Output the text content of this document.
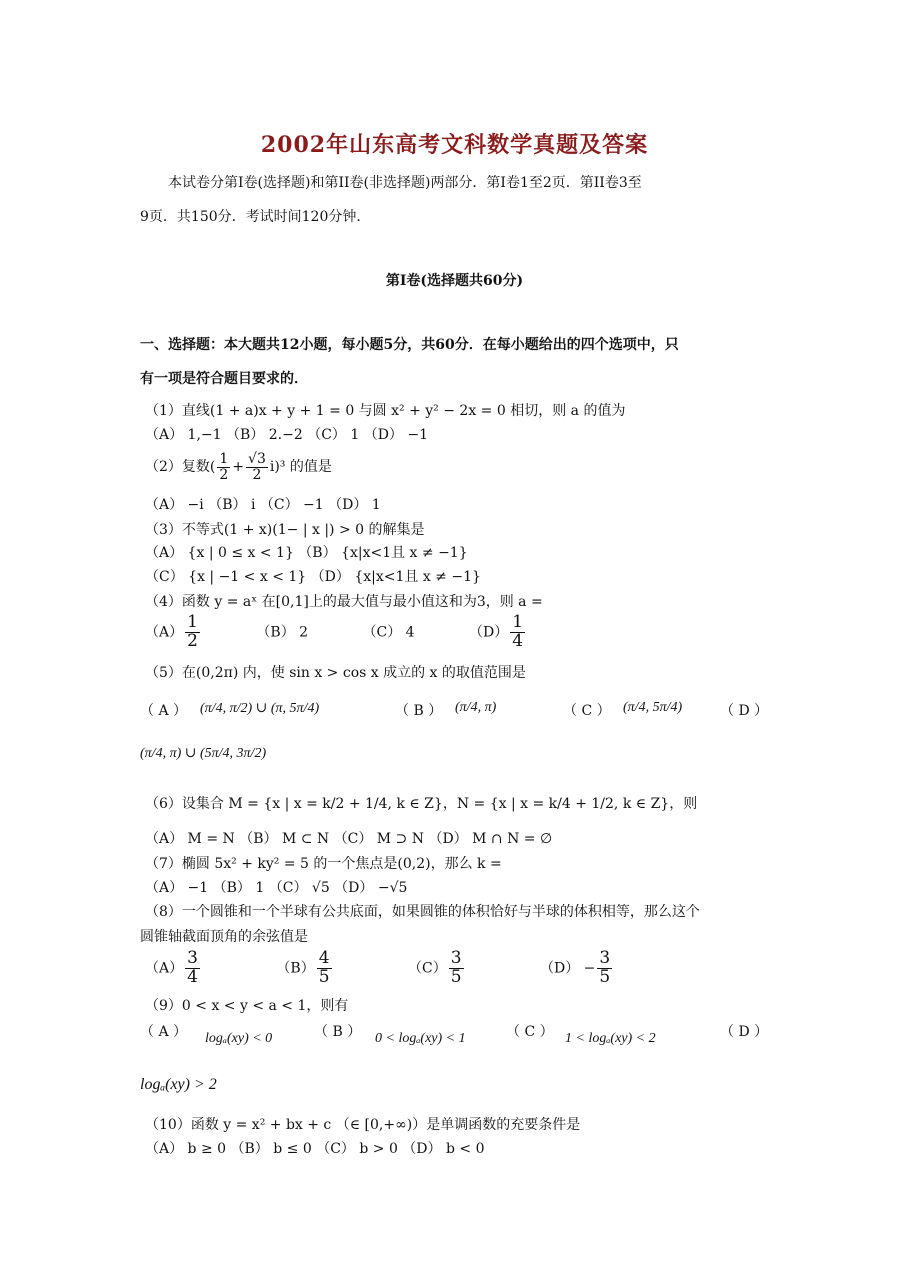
2002年山东高考文科数学真题及答案
本试卷分第Ⅰ卷(选择题)和第II卷(非选择题)两部分．第Ⅰ卷1至2页．第II卷3至
9页．共150分．考试时间120分钟．
第Ⅰ卷(选择题共60分)
一、选择题：本大题共12小题，每小题5分，共60分．在每小题给出的四个选项中，只
有一项是符合题目要求的．
（1）直线(1 + a)x + y + 1 = 0 与圆 x² + y² − 2x = 0 相切，则 a 的值为
（A） 1,−1 （B） 2.−2 （C） 1 （D） −1
（2）复数( $\frac{1}{2} + \frac{√3}{2} i)^3$ 的值是
（A） −i （B） i （C） −1 （D） 1
（3）不等式(1 + x)(1− | x |) > 0 的解集是
（A） {x | 0 ≤ x < 1} （B） {x|x<1且 x ≠ −1}
（C） {x | −1 < x < 1} （D） {x|x<1且 x ≠ −1}
（4）函数 y = aˣ 在[0,1]上的最大值与最小值这和为3，则 a =
$(A) \frac{1}{2}$	（B） 2	（C） 4	$(D) \frac{1}{4}$
（5）在(0,2π) 内，使 sin x > cos x 成立的 x 的取值范围是
（ A ） (π/4, π/2) ∪ (π, 5π/4)	（ B ） (π/4, π)	（ C ） (π/4, 5π/4)	（ D ）
(π/4, π) ∪ (5π/4, 3π/2)
（6）设集合 M = {x | x = k/2 + 1/4, k ∈ Z}，N = {x | x = k/4 + 1/2, k ∈ Z}，则
（A） M = N （B） M ⊂ N （C） M ⊃ N （D） M ∩ N = ∅
（7）椭圆 5x² + ky² = 5 的一个焦点是(0,2)，那么 k =
（A） −1 （B） 1 （C） √5 （D） −√5
（8）一个圆锥和一个半球有公共底面，如果圆锥的体积恰好与半球的体积相等，那么这个
圆锥轴截面顶角的余弦值是
$(A) \frac{3}{4}$	$(B) \frac{4}{5}$	$(C) \frac{3}{5}$	$(D) - \frac{3}{5}$
（9）0 < x < y < a < 1，则有
（ A ） logₐ(xy) < 0	（ B ） 0 < logₐ(xy) < 1	（ C ） 1 < logₐ(xy) < 2	（ D ）
logₐ(xy) > 2
（10）函数 y = x² + bx + c （∈ [0,+∞)）是单调函数的充要条件是
（A） b ≥ 0 （B） b ≤ 0 （C） b > 0 （D） b < 0
